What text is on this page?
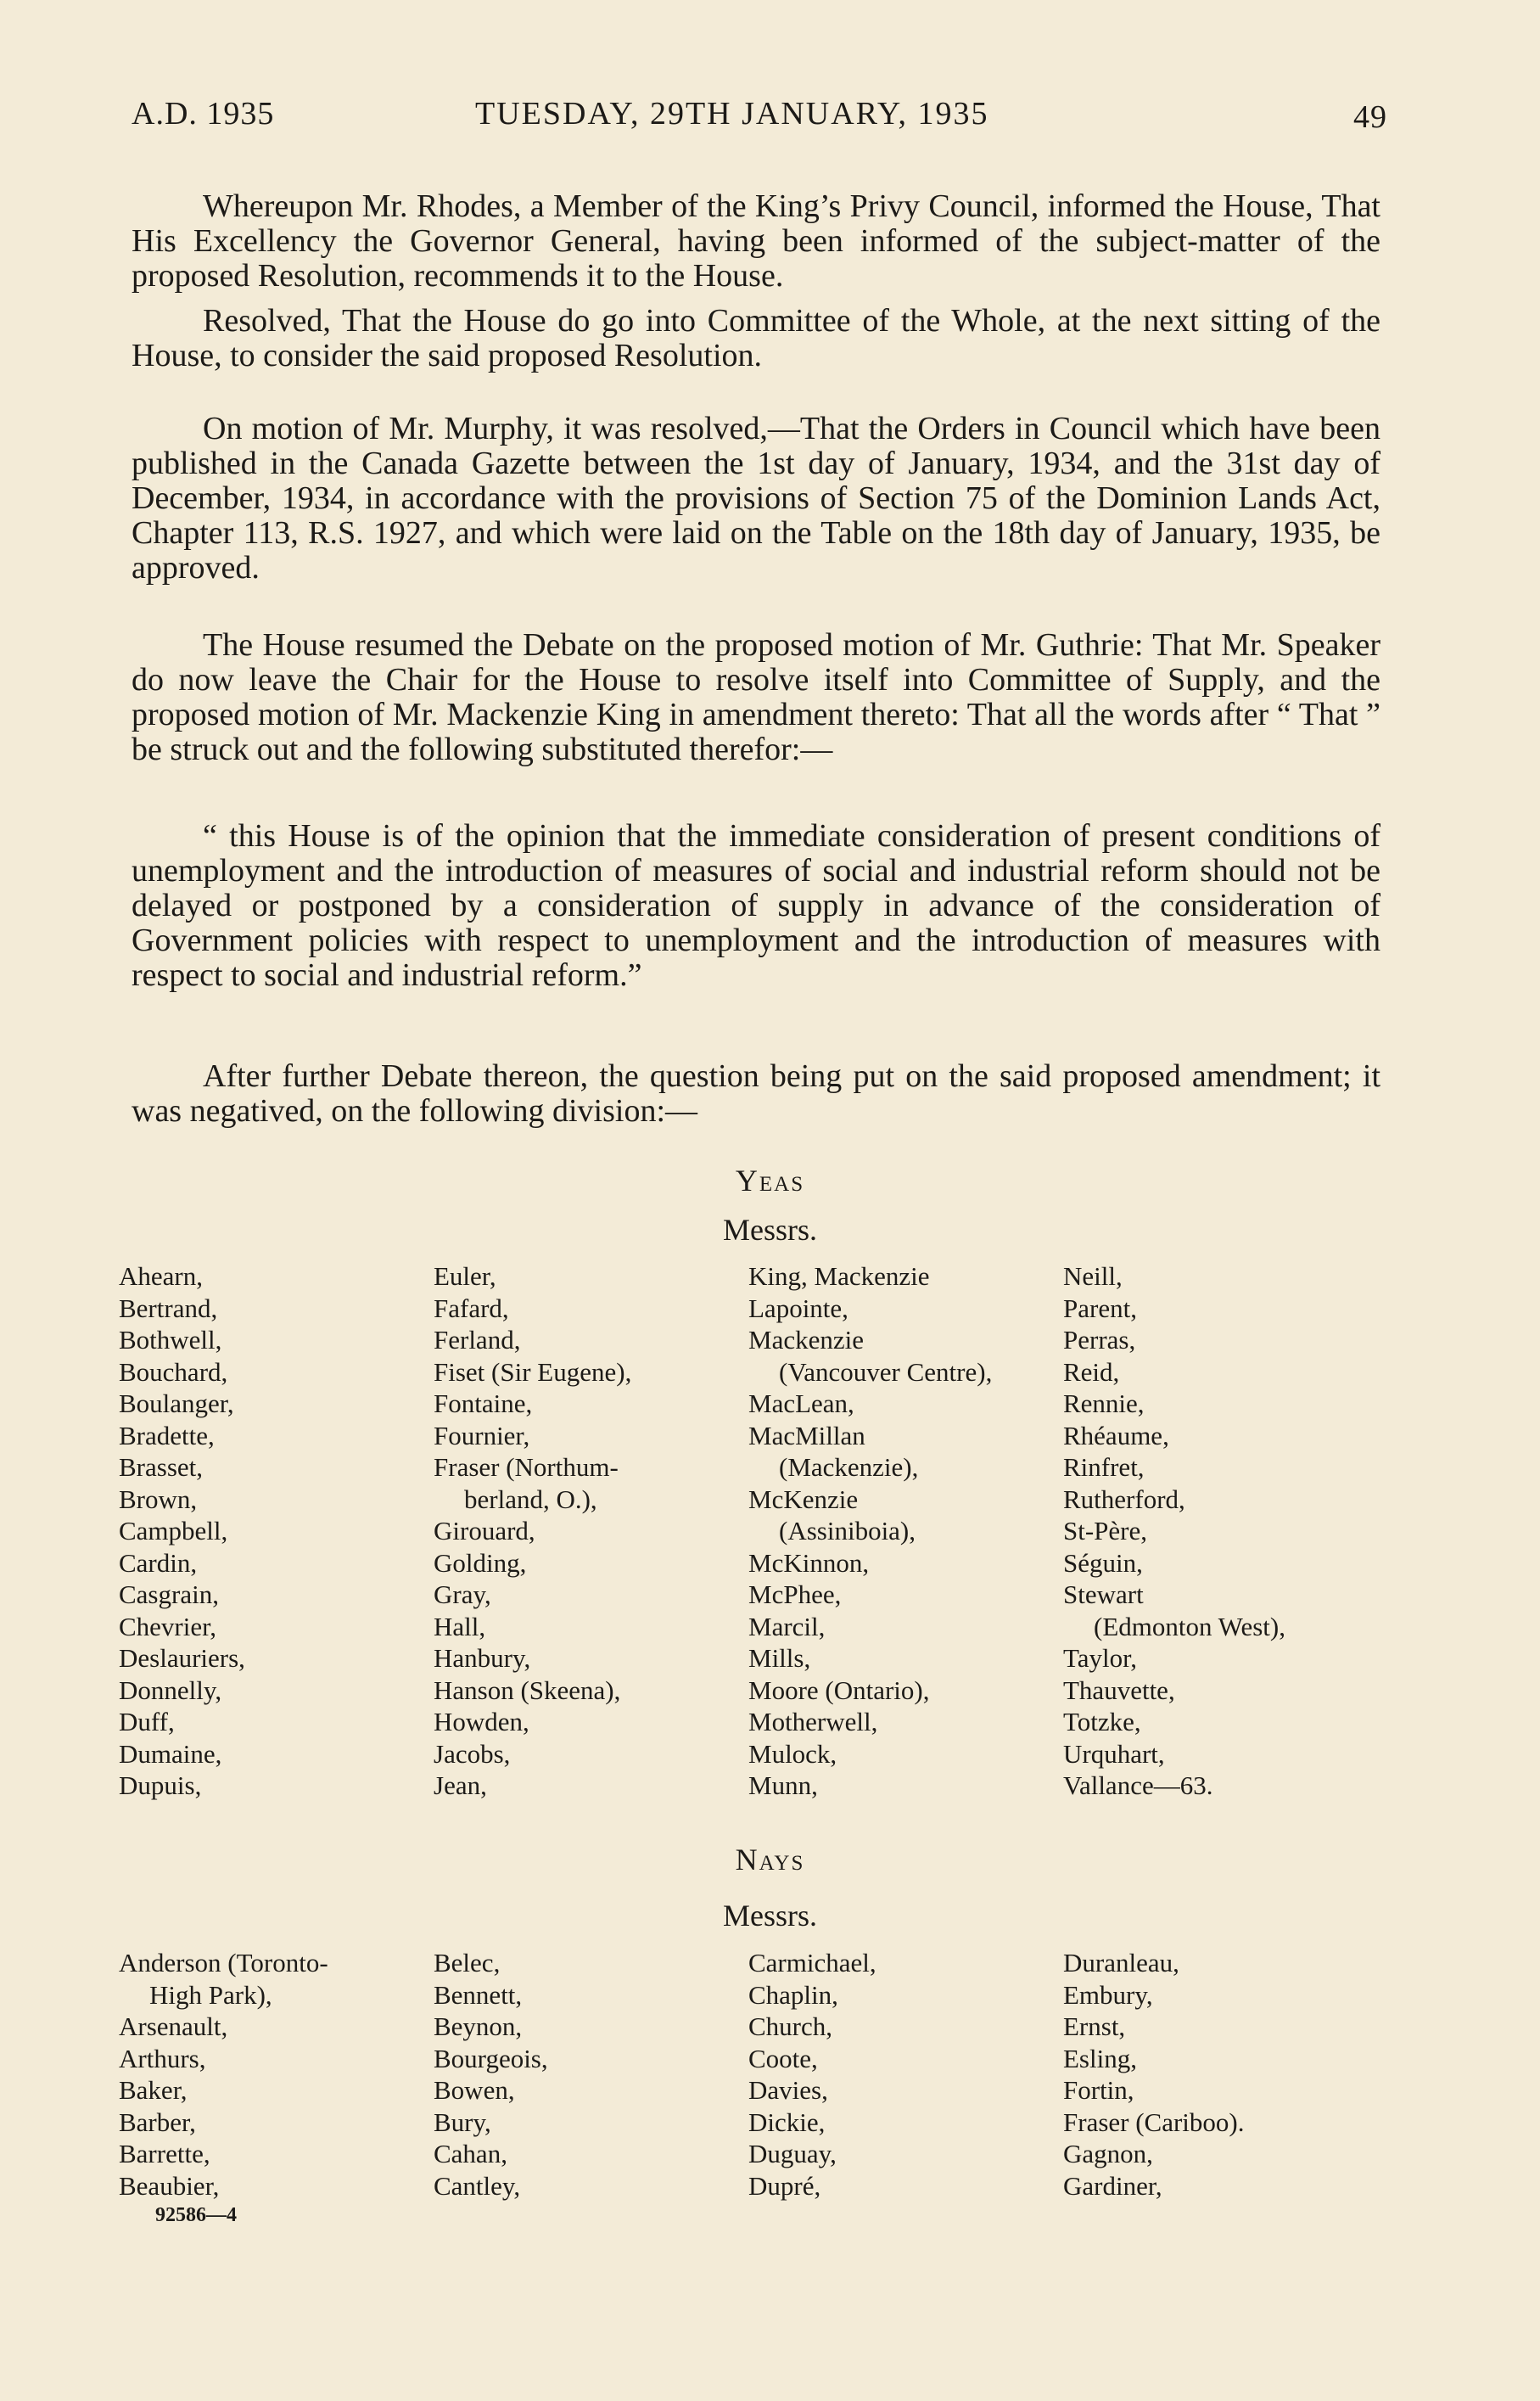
A.D. 1935	TUESDAY, 29TH JANUARY, 1935	49

Whereupon Mr. Rhodes, a Member of the King’s Privy Council, informed the House, That His Excellency the Governor General, having been informed of the subject-matter of the proposed Resolution, recommends it to the House.

Resolved, That the House do go into Committee of the Whole, at the next sitting of the House, to consider the said proposed Resolution.

On motion of Mr. Murphy, it was resolved,—That the Orders in Council which have been published in the Canada Gazette between the 1st day of January, 1934, and the 31st day of December, 1934, in accordance with the provisions of Section 75 of the Dominion Lands Act, Chapter 113, R.S. 1927, and which were laid on the Table on the 18th day of January, 1935, be approved.

The House resumed the Debate on the proposed motion of Mr. Guthrie: That Mr. Speaker do now leave the Chair for the House to resolve itself into Committee of Supply, and the proposed motion of Mr. Mackenzie King in amendment thereto: That all the words after “ That ” be struck out and the following substituted therefor:—

“ this House is of the opinion that the immediate consideration of present conditions of unemployment and the introduction of measures of social and industrial reform should not be delayed or postponed by a consideration of supply in advance of the consideration of Government policies with respect to unemployment and the introduction of measures with respect to social and industrial reform.”

After further Debate thereon, the question being put on the said proposed amendment; it was negatived, on the following division:—

Yeas
Messrs.
Ahearn,
Bertrand,
Bothwell,
Bouchard,
Boulanger,
Bradette,
Brasset,
Brown,
Campbell,
Cardin,
Casgrain,
Chevrier,
Deslauriers,
Donnelly,
Duff,
Dumaine,
Dupuis,
Euler,
Fafard,
Ferland,
Fiset (Sir Eugene),
Fontaine,
Fournier,
Fraser (Northum-
berland, O.),
Girouard,
Golding,
Gray,
Hall,
Hanbury,
Hanson (Skeena),
Howden,
Jacobs,
Jean,
King, Mackenzie
Lapointe,
Mackenzie
(Vancouver Centre),
MacLean,
MacMillan
(Mackenzie),
McKenzie
(Assiniboia),
McKinnon,
McPhee,
Marcil,
Mills,
Moore (Ontario),
Motherwell,
Mulock,
Munn,
Neill,
Parent,
Perras,
Reid,
Rennie,
Rhéaume,
Rinfret,
Rutherford,
St-Père,
Séguin,
Stewart
(Edmonton West),
Taylor,
Thauvette,
Totzke,
Urquhart,
Vallance—63.
Nays
Messrs.
Anderson (Toronto-
High Park),
Arsenault,
Arthurs,
Baker,
Barber,
Barrette,
Beaubier,
Belec,
Bennett,
Beynon,
Bourgeois,
Bowen,
Bury,
Cahan,
Cantley,
Carmichael,
Chaplin,
Church,
Coote,
Davies,
Dickie,
Duguay,
Dupré,
Duranleau,
Embury,
Ernst,
Esling,
Fortin,
Fraser (Cariboo).
Gagnon,
Gardiner,
92586—4
